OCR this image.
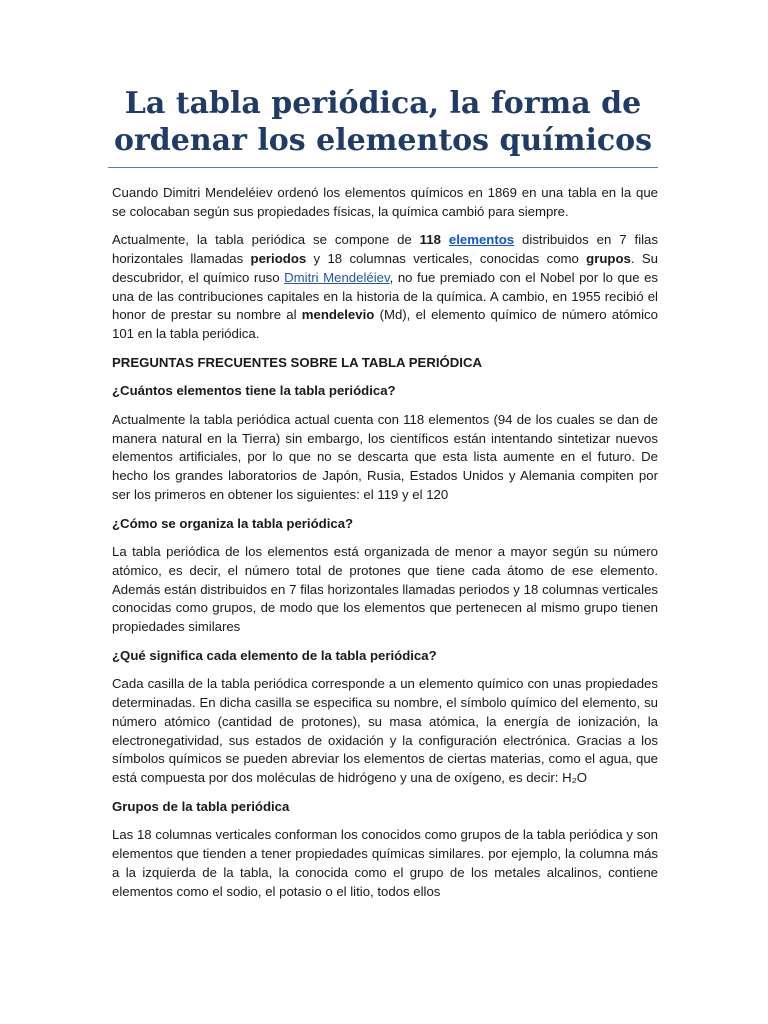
La tabla periódica, la forma de
ordenar los elementos químicos

Cuando Dimitri Mendeléiev ordenó los elementos químicos en 1869 en una tabla en la que se colocaban según sus propiedades físicas, la química cambió para siempre.

Actualmente, la tabla periódica se compone de 118 elementos distribuidos en 7 filas horizontales llamadas periodos y 18 columnas verticales, conocidas como grupos. Su descubridor, el químico ruso Dmitri Mendeléiev, no fue premiado con el Nobel por lo que es una de las contribuciones capitales en la historia de la química. A cambio, en 1955 recibió el honor de prestar su nombre al mendelevio (Md), el elemento químico de número atómico 101 en la tabla periódica.

PREGUNTAS FRECUENTES SOBRE LA TABLA PERIÓDICA

¿Cuántos elementos tiene la tabla periódica?

Actualmente la tabla periódica actual cuenta con 118 elementos (94 de los cuales se dan de manera natural en la Tierra) sin embargo, los científicos están intentando sintetizar nuevos elementos artificiales, por lo que no se descarta que esta lista aumente en el futuro. De hecho los grandes laboratorios de Japón, Rusia, Estados Unidos y Alemania compiten por ser los primeros en obtener los siguientes: el 119 y el 120

¿Cómo se organiza la tabla periódica?

La tabla periódica de los elementos está organizada de menor a mayor según su número atómico, es decir, el número total de protones que tiene cada átomo de ese elemento. Además están distribuidos en 7 filas horizontales llamadas periodos y 18 columnas verticales conocidas como grupos, de modo que los elementos que pertenecen al mismo grupo tienen propiedades similares

¿Qué significa cada elemento de la tabla periódica?

Cada casilla de la tabla periódica corresponde a un elemento químico con unas propiedades determinadas. En dicha casilla se especifica su nombre, el símbolo químico del elemento, su número atómico (cantidad de protones), su masa atómica, la energía de ionización, la electronegatividad, sus estados de oxidación y la configuración electrónica. Gracias a los símbolos químicos se pueden abreviar los elementos de ciertas materias, como el agua, que está compuesta por dos moléculas de hidrógeno y una de oxígeno, es decir: H₂O

Grupos de la tabla periódica

Las 18 columnas verticales conforman los conocidos como grupos de la tabla periódica y son elementos que tienden a tener propiedades químicas similares. por ejemplo, la columna más a la izquierda de la tabla, la conocida como el grupo de los metales alcalinos, contiene elementos como el sodio, el potasio o el litio, todos ellos
